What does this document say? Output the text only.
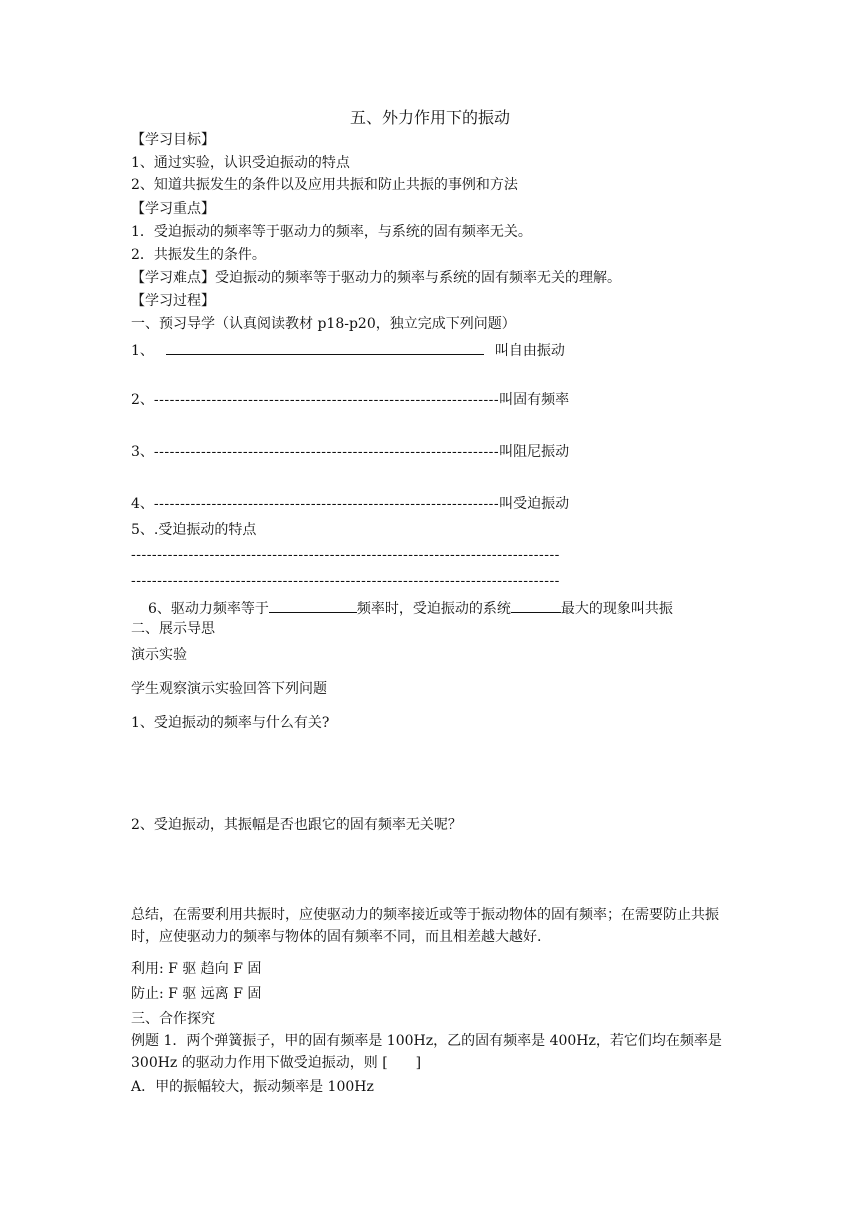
五、外力作用下的振动
【学习目标】
1、通过实验，认识受迫振动的特点
2、知道共振发生的条件以及应用共振和防止共振的事例和方法
【学习重点】
1．受迫振动的频率等于驱动力的频率，与系统的固有频率无关。
2．共振发生的条件。
【学习难点】受迫振动的频率等于驱动力的频率与系统的固有频率无关的理解。
【学习过程】
一、预习导学（认真阅读教材 p18-p20，独立完成下列问题）
1、	叫自由振动
2、------------------------------------------------------------------叫固有频率
3、------------------------------------------------------------------叫阻尼振动
4、------------------------------------------------------------------叫受迫振动
5、.受迫振动的特点
----------------------------------------------------------------------------------
----------------------------------------------------------------------------------
6、驱动力频率等于	频率时，受迫振动的系统	最大的现象叫共振
二、展示导思
演示实验
学生观察演示实验回答下列问题
1、受迫振动的频率与什么有关?
2、受迫振动，其振幅是否也跟它的固有频率无关呢？
总结，在需要利用共振时，应使驱动力的频率接近或等于振动物体的固有频率；在需要防止共振时，应使驱动力的频率与物体的固有频率不同，而且相差越大越好.
利用: F 驱 趋向 F 固
防止: F 驱 远离 F 固
三、合作探究
例题 1．两个弹簧振子，甲的固有频率是 100Hz，乙的固有频率是 400Hz，若它们均在频率是 300Hz 的驱动力作用下做受迫振动，则 [　　]
A．甲的振幅较大，振动频率是 100Hz
